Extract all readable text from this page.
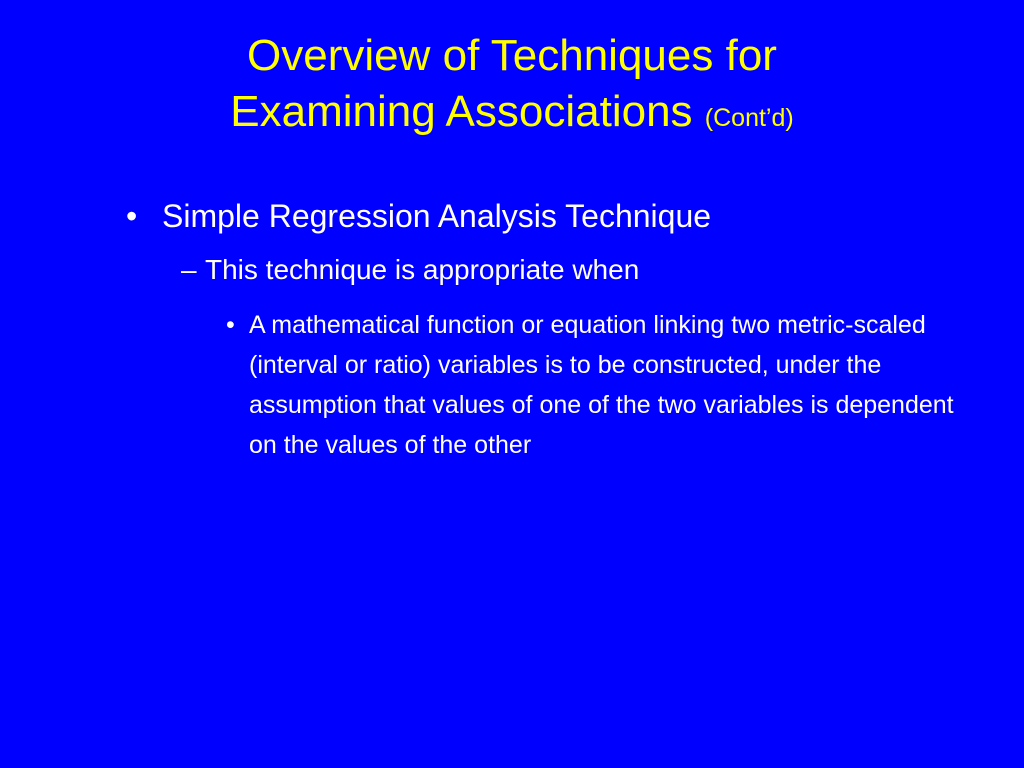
Overview of Techniques for
Examining Associations (Cont’d)
• Simple Regression Analysis Technique
– This technique is appropriate when
• A mathematical function or equation linking two metric-scaled (interval or ratio) variables is to be constructed, under the assumption that values of one of the two variables is dependent on the values of the other
